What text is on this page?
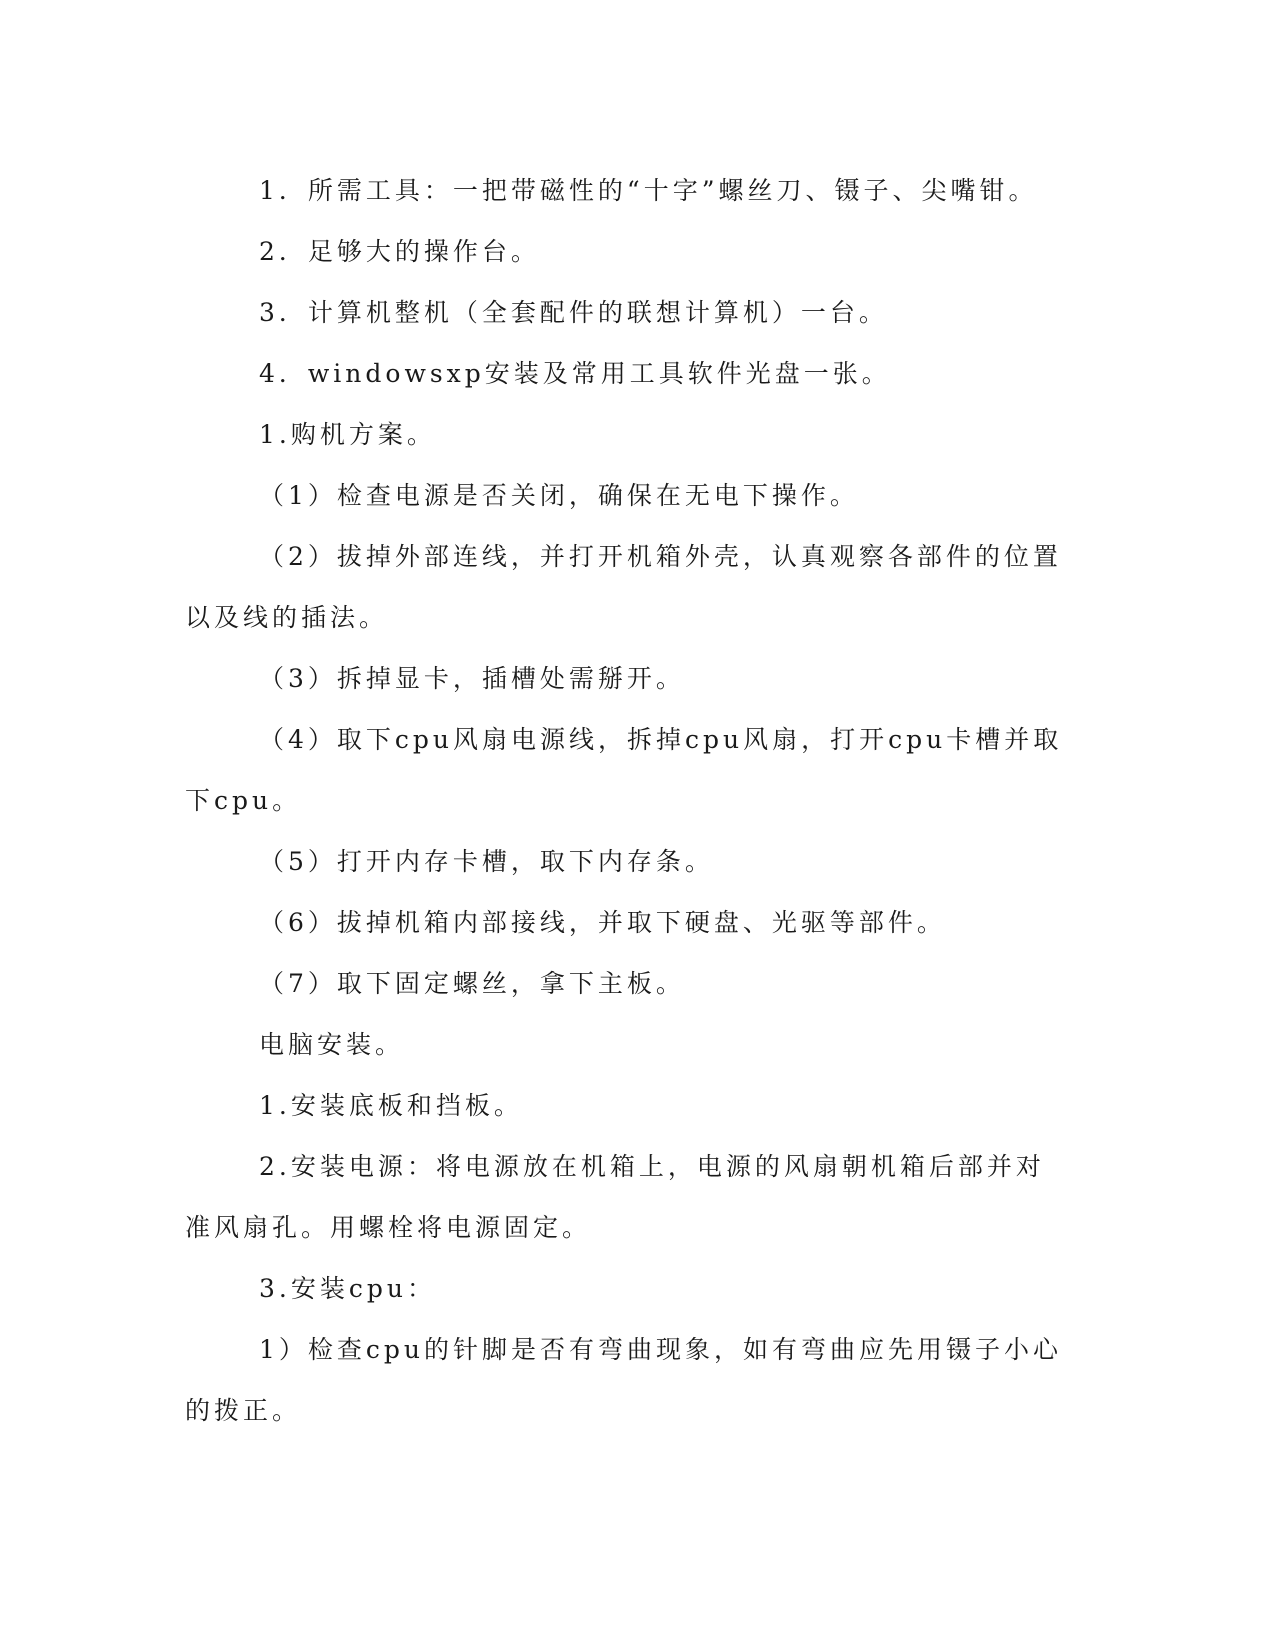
1．所需工具：一把带磁性的“十字”螺丝刀、镊子、尖嘴钳。

2．足够大的操作台。

3．计算机整机（全套配件的联想计算机）一台。

4．windowsxp安装及常用工具软件光盘一张。

1.购机方案。

（1）检查电源是否关闭，确保在无电下操作。

（2）拔掉外部连线，并打开机箱外壳，认真观察各部件的位置以及线的插法。

（3）拆掉显卡，插槽处需掰开。

（4）取下cpu风扇电源线，拆掉cpu风扇，打开cpu卡槽并取下cpu。

（5）打开内存卡槽，取下内存条。

（6）拔掉机箱内部接线，并取下硬盘、光驱等部件。

（7）取下固定螺丝，拿下主板。

电脑安装。

1.安装底板和挡板。

2.安装电源：将电源放在机箱上，电源的风扇朝机箱后部并对准风扇孔。用螺栓将电源固定。

3.安装cpu：

1）检查cpu的针脚是否有弯曲现象，如有弯曲应先用镊子小心的拨正。
